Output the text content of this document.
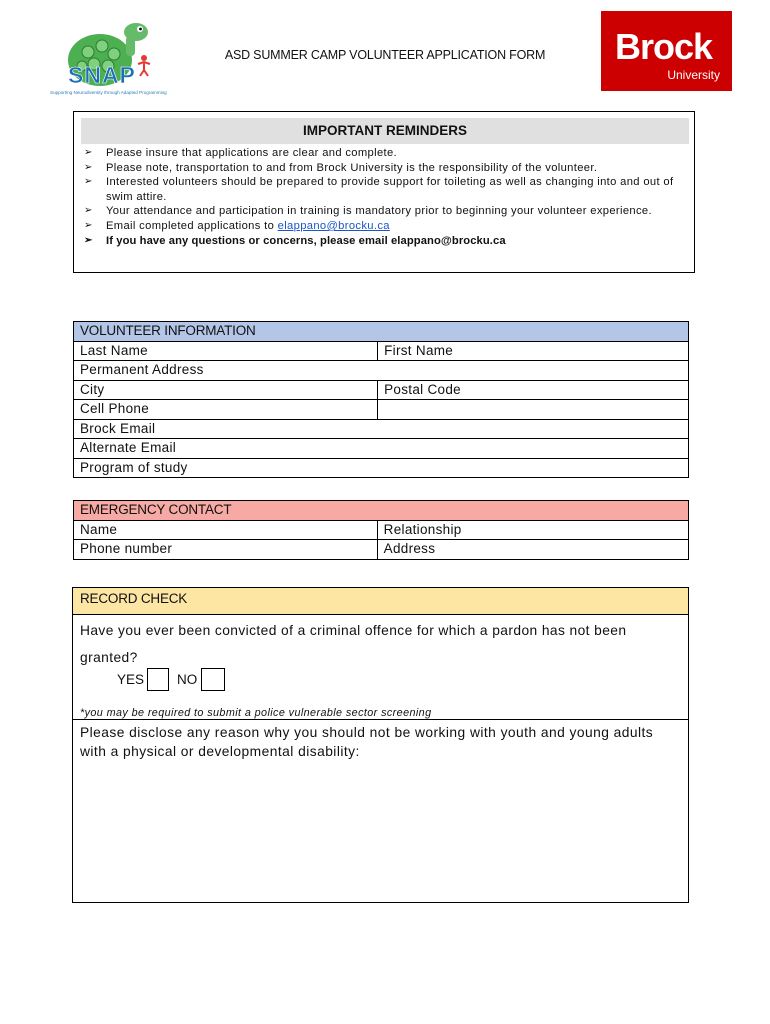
SNAP
Supporting Neurodiversity through Adapted Programming
ASD SUMMER CAMP VOLUNTEER APPLICATION FORM	Brock
University
IMPORTANT REMINDERS
➢ Please insure that applications are clear and complete.
➢ Please note, transportation to and from Brock University is the responsibility of the volunteer.
➢ Interested volunteers should be prepared to provide support for toileting as well as changing into and out of swim attire.
➢ Your attendance and participation in training is mandatory prior to beginning your volunteer experience.
➢ Email completed applications to elappano@brocku.ca
➢ If you have any questions or concerns, please email elappano@brocku.ca
VOLUNTEER INFORMATION	
Last Name	First Name
Permanent Address	
City	Postal Code
Cell Phone	
Brock Email	
Alternate Email	
Program of study	
EMERGENCY CONTACT	
Name	Relationship
Phone number	Address
RECORD CHECK
Have you ever been convicted of a criminal offence for which a pardon has not been granted?
YES NO
*you may be required to submit a police vulnerable sector screening
Please disclose any reason why you should not be working with youth and young adults with a physical or developmental disability:
